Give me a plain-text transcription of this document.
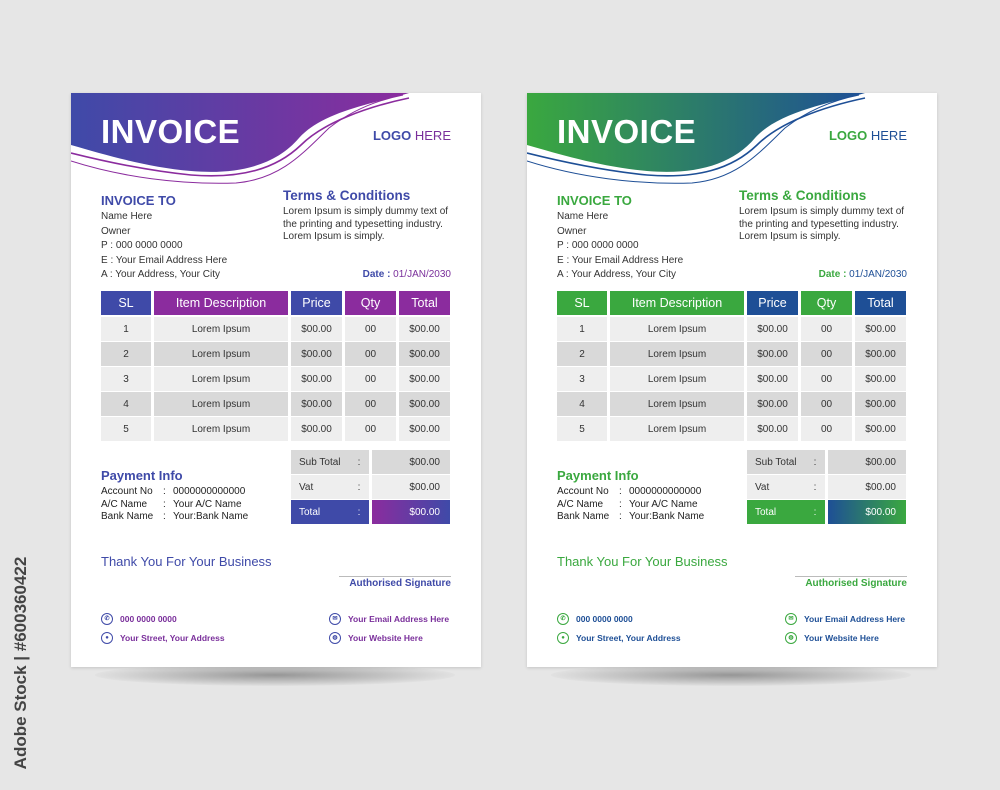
Adobe Stock | #600360422
INVOICE	LOGO HERE
INVOICE TO
Name Here
Owner
P : 000 0000 0000
E : Your Email Address Here
A : Your Address, Your City
Terms & Conditions
Lorem Ipsum is simply dummy text of the printing and typesetting industry. Lorem Ipsum is simply.
Date : 01/JAN/2030
SL	Item Description	Price	Qty	Total
1	Lorem Ipsum	$00.00	00	$00.00
2	Lorem Ipsum	$00.00	00	$00.00
3	Lorem Ipsum	$00.00	00	$00.00
4	Lorem Ipsum	$00.00	00	$00.00
5	Lorem Ipsum	$00.00	00	$00.00
Sub Total	:	$00.00
Vat	:	$00.00
Total	:	$00.00
Payment Info
Account No : 0000000000000
A/C Name : Your A/C Name
Bank Name : Your:Bank Name
Thank You For Your Business
Authorised Signature
✆	000 0000 0000
●	Your Street, Your Address
✉	Your Email Address Here
◍	Your Website Here
INVOICE	LOGO HERE
INVOICE TO
Name Here
Owner
P : 000 0000 0000
E : Your Email Address Here
A : Your Address, Your City
Terms & Conditions
Lorem Ipsum is simply dummy text of the printing and typesetting industry. Lorem Ipsum is simply.
Date : 01/JAN/2030
SL	Item Description	Price	Qty	Total
1	Lorem Ipsum	$00.00	00	$00.00
2	Lorem Ipsum	$00.00	00	$00.00
3	Lorem Ipsum	$00.00	00	$00.00
4	Lorem Ipsum	$00.00	00	$00.00
5	Lorem Ipsum	$00.00	00	$00.00
Sub Total	:	$00.00
Vat	:	$00.00
Total	:	$00.00
Payment Info
Account No : 0000000000000
A/C Name : Your A/C Name
Bank Name : Your:Bank Name
Thank You For Your Business
Authorised Signature
✆	000 0000 0000
●	Your Street, Your Address
✉	Your Email Address Here
◍	Your Website Here
